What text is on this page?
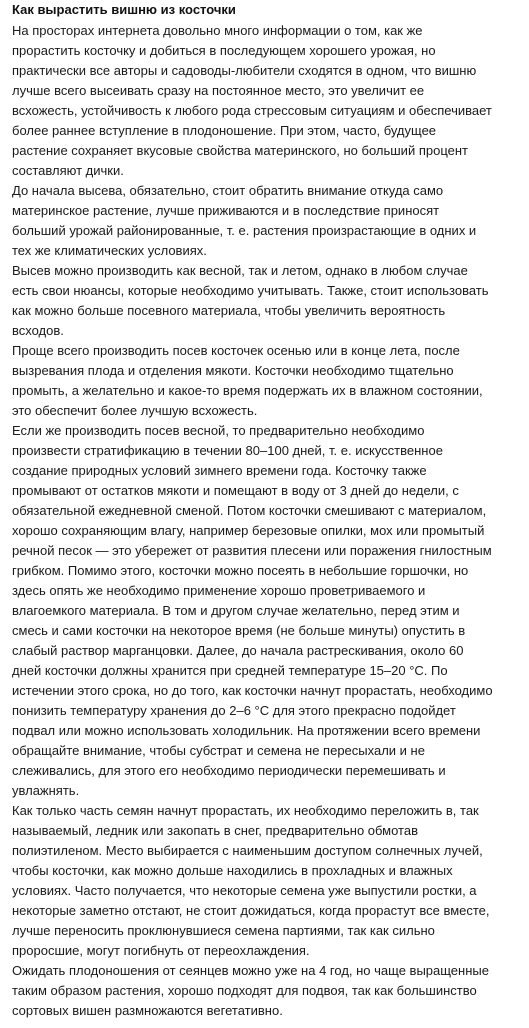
Как вырастить вишню из косточки

На просторах интернета довольно много информации о том, как же
прорастить косточку и добиться в последующем хорошего урожая, но
практически все авторы и садоводы-любители сходятся в одном, что вишню
лучше всего высеивать сразу на постоянное место, это увеличит ее
всхожесть, устойчивость к любого рода стрессовым ситуациям и обеспечивает
более раннее вступление в плодоношение. При этом, часто, будущее
растение сохраняет вкусовые свойства материнского, но больший процент
составляют дички.

До начала высева, обязательно, стоит обратить внимание откуда само
материнское растение, лучше приживаются и в последствие приносят
больший урожай районированные, т. е. растения произрастающие в одних и
тех же климатических условиях.

Высев можно производить как весной, так и летом, однако в любом случае
есть свои нюансы, которые необходимо учитывать. Также, стоит использовать
как можно больше посевного материала, чтобы увеличить вероятность
всходов.

Проще всего производить посев косточек осенью или в конце лета, после
вызревания плода и отделения мякоти. Косточки необходимо тщательно
промыть, а желательно и какое-то время подержать их в влажном состоянии,
это обеспечит более лучшую всхожесть.

Если же производить посев весной, то предварительно необходимо
произвести стратификацию в течении 80–100 дней, т. е. искусственное
создание природных условий зимнего времени года. Косточку также
промывают от остатков мякоти и помещают в воду от 3 дней до недели, с
обязательной ежедневной сменой. Потом косточки смешивают с материалом,
хорошо сохраняющим влагу, например березовые опилки, мох или промытый
речной песок — это убережет от развития плесени или поражения гнилостным
грибком. Помимо этого, косточки можно посеять в небольшие горшочки, но
здесь опять же необходимо применение хорошо проветриваемого и
влагоемкого материала. В том и другом случае желательно, перед этим и
смесь и сами косточки на некоторое время (не больше минуты) опустить в
слабый раствор марганцовки. Далее, до начала растрескивания, около 60
дней косточки должны хранится при средней температуре 15–20 °С. По
истечении этого срока, но до того, как косточки начнут прорастать, необходимо
понизить температуру хранения до 2–6 °С для этого прекрасно подойдет
подвал или можно использовать холодильник. На протяжении всего времени
обращайте внимание, чтобы субстрат и семена не пересыхали и не
слеживались, для этого его необходимо периодически перемешивать и
увлажнять.

Как только часть семян начнут прорастать, их необходимо переложить в, так
называемый, ледник или закопать в снег, предварительно обмотав
полиэтиленом. Место выбирается с наименьшим доступом солнечных лучей,
чтобы косточки, как можно дольше находились в прохладных и влажных
условиях. Часто получается, что некоторые семена уже выпустили ростки, а
некоторые заметно отстают, не стоит дожидаться, когда прорастут все вместе,
лучше переносить проклюнувшиеся семена партиями, так как сильно
проросшие, могут погибнуть от переохлаждения.

Ожидать плодоношения от сеянцев можно уже на 4 год, но чаще выращенные
таким образом растения, хорошо подходят для подвоя, так как большинство
сортовых вишен размножаются вегетативно.
